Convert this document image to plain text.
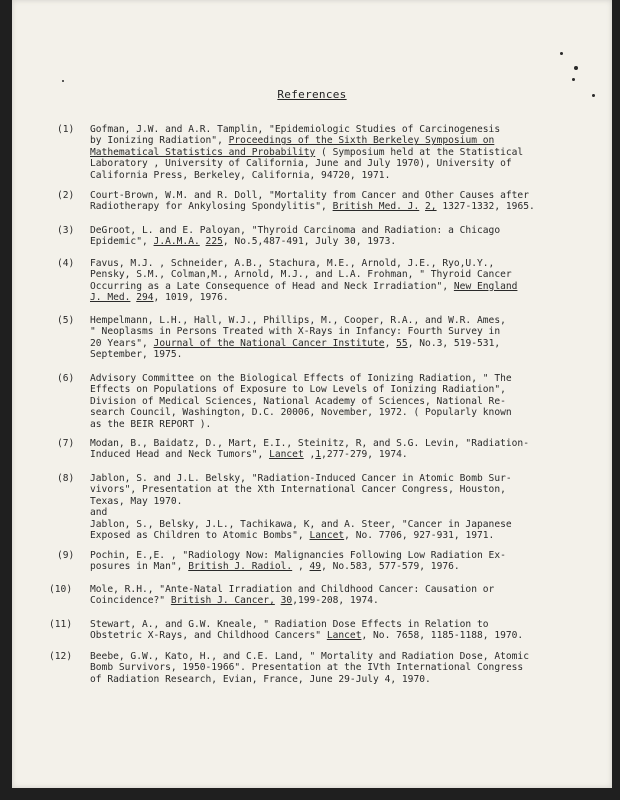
References
(1) Gofman, J.W. and A.R. Tamplin, "Epidemiologic Studies of Carcinogenesis
by Ionizing Radiation", Proceedings of the Sixth Berkeley Symposium on
Mathematical Statistics and Probability ( Symposium held at the Statistical
Laboratory , University of California, June and July 1970), University of
California Press, Berkeley, California, 94720, 1971.
(2) Court-Brown, W.M. and R. Doll, "Mortality from Cancer and Other Causes after
Radiotherapy for Ankylosing Spondylitis", British Med. J. 2, 1327-1332, 1965.
(3) DeGroot, L. and E. Paloyan, "Thyroid Carcinoma and Radiation: a Chicago
Epidemic", J.A.M.A. 225, No.5,487-491, July 30, 1973.
(4) Favus, M.J. , Schneider, A.B., Stachura, M.E., Arnold, J.E., Ryo,U.Y.,
Pensky, S.M., Colman,M., Arnold, M.J., and L.A. Frohman, " Thyroid Cancer
Occurring as a Late Consequence of Head and Neck Irradiation", New England
J. Med. 294, 1019, 1976.
(5) Hempelmann, L.H., Hall, W.J., Phillips, M., Cooper, R.A., and W.R. Ames,
" Neoplasms in Persons Treated with X-Rays in Infancy: Fourth Survey in
20 Years", Journal of the National Cancer Institute, 55, No.3, 519-531,
September, 1975.
(6) Advisory Committee on the Biological Effects of Ionizing Radiation, " The
Effects on Populations of Exposure to Low Levels of Ionizing Radiation",
Division of Medical Sciences, National Academy of Sciences, National Re-
search Council, Washington, D.C. 20006, November, 1972. ( Popularly known
as the BEIR REPORT ).
(7) Modan, B., Baidatz, D., Mart, E.I., Steinitz, R, and S.G. Levin, "Radiation-
Induced Head and Neck Tumors", Lancet ,1,277-279, 1974.
(8) Jablon, S. and J.L. Belsky, "Radiation-Induced Cancer in Atomic Bomb Sur-
vivors", Presentation at the Xth International Cancer Congress, Houston,
Texas, May 1970.
and
Jablon, S., Belsky, J.L., Tachikawa, K, and A. Steer, "Cancer in Japanese
Exposed as Children to Atomic Bombs", Lancet, No. 7706, 927-931, 1971.
(9) Pochin, E.,E. , "Radiology Now: Malignancies Following Low Radiation Ex-
posures in Man", British J. Radiol. , 49, No.583, 577-579, 1976.
(10) Mole, R.H., "Ante-Natal Irradiation and Childhood Cancer: Causation or
Coincidence?" British J. Cancer, 30,199-208, 1974.
(11) Stewart, A., and G.W. Kneale, " Radiation Dose Effects in Relation to
Obstetric X-Rays, and Childhood Cancers" Lancet, No. 7658, 1185-1188, 1970.
(12) Beebe, G.W., Kato, H., and C.E. Land, " Mortality and Radiation Dose, Atomic
Bomb Survivors, 1950-1966". Presentation at the IVth International Congress
of Radiation Research, Evian, France, June 29-July 4, 1970.
